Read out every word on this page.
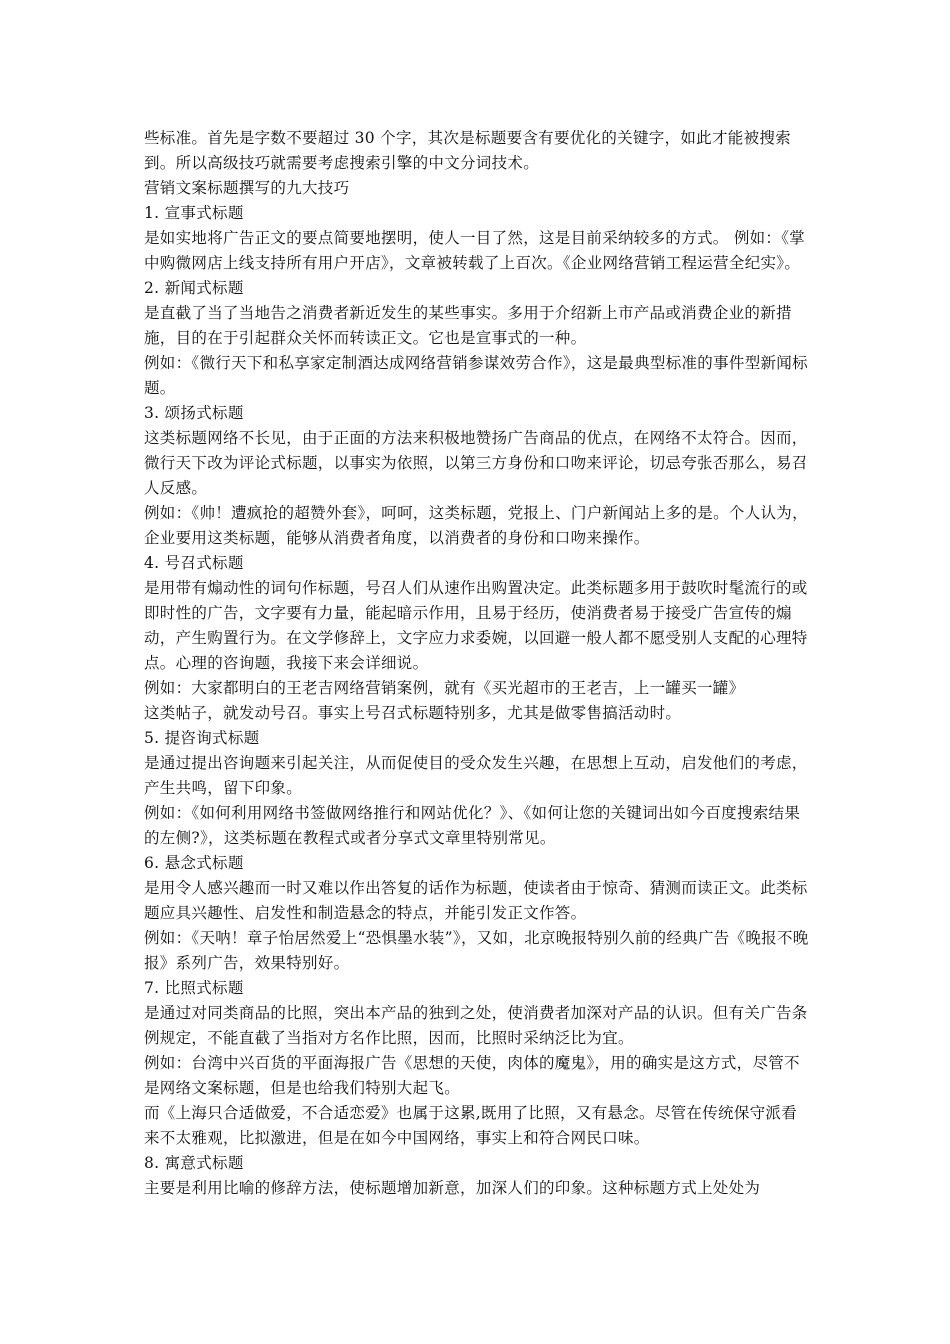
些标准。首先是字数不要超过 30 个字，其次是标题要含有要优化的关键字，如此才能被搜索到。所以高级技巧就需要考虑搜索引擎的中文分词技术。

营销文案标题撰写的九大技巧

1. 宣事式标题

是如实地将广告正文的要点简要地摆明，使人一目了然，这是目前采纳较多的方式。 例如：《掌中购微网店上线支持所有用户开店》，文章被转载了上百次。《企业网络营销工程运营全纪实》。

2. 新闻式标题

是直截了当了当地告之消费者新近发生的某些事实。多用于介绍新上市产品或消费企业的新措施，目的在于引起群众关怀而转读正文。它也是宣事式的一种。

例如：《微行天下和私享家定制酒达成网络营销参谋效劳合作》，这是最典型标准的事件型新闻标题。

3. 颂扬式标题

这类标题网络不长见，由于正面的方法来积极地赞扬广告商品的优点，在网络不太符合。因而，微行天下改为评论式标题，以事实为依照，以第三方身份和口吻来评论，切忌夸张否那么，易召人反感。

例如：《帅！遭疯抢的超赞外套》，呵呵，这类标题，党报上、门户新闻站上多的是。个人认为，企业要用这类标题，能够从消费者角度，以消费者的身份和口吻来操作。

4. 号召式标题

是用带有煽动性的词句作标题，号召人们从速作出购置决定。此类标题多用于鼓吹时髦流行的或即时性的广告，文字要有力量，能起暗示作用，且易于经历，使消费者易于接受广告宣传的煽动，产生购置行为。在文学修辞上，文字应力求委婉，以回避一般人都不愿受别人支配的心理特点。心理的咨询题，我接下来会详细说。

例如：大家都明白的王老吉网络营销案例，就有《买光超市的王老吉，上一罐买一罐》

这类帖子，就发动号召。事实上号召式标题特别多，尤其是做零售搞活动时。

5. 提咨询式标题

是通过提出咨询题来引起关注，从而促使目的受众发生兴趣，在思想上互动，启发他们的考虑，产生共鸣，留下印象。

例如：《如何利用网络书签做网络推行和网站优化？》、《如何让您的关键词出如今百度搜索结果的左侧?》，这类标题在教程式或者分享式文章里特别常见。

6. 悬念式标题

是用令人感兴趣而一时又难以作出答复的话作为标题，使读者由于惊奇、猜测而读正文。此类标题应具兴趣性、启发性和制造悬念的特点，并能引发正文作答。

例如：《天呐！章子怡居然爱上“恐惧墨水装”》，又如，北京晚报特别久前的经典广告《晚报不晚报》系列广告，效果特别好。

7. 比照式标题

是通过对同类商品的比照，突出本产品的独到之处，使消费者加深对产品的认识。但有关广告条例规定，不能直截了当指对方名作比照，因而，比照时采纳泛比为宜。

例如：台湾中兴百货的平面海报广告《思想的天使，肉体的魔鬼》，用的确实是这方式，尽管不是网络文案标题，但是也给我们特别大起飞。

而《上海只合适做爱，不合适恋爱》也属于这累,既用了比照，又有悬念。尽管在传统保守派看来不太雅观，比拟激进，但是在如今中国网络，事实上和符合网民口味。

8. 寓意式标题

主要是利用比喻的修辞方法，使标题增加新意，加深人们的印象。这种标题方式上处处为
